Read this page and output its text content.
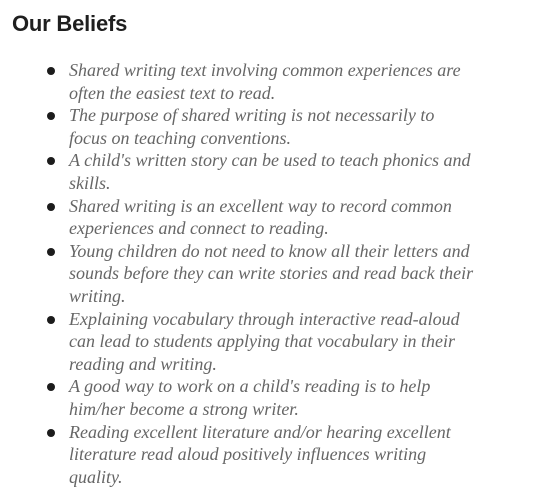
Our Beliefs
Shared writing text involving common experiences are
often the easiest text to read.
The purpose of shared writing is not necessarily to
focus on teaching conventions.
A child's written story can be used to teach phonics and
skills.
Shared writing is an excellent way to record common
experiences and connect to reading.
Young children do not need to know all their letters and
sounds before they can write stories and read back their
writing.
Explaining vocabulary through interactive read-aloud
can lead to students applying that vocabulary in their
reading and writing.
A good way to work on a child's reading is to help
him/her become a strong writer.
Reading excellent literature and/or hearing excellent
literature read aloud positively influences writing
quality.
